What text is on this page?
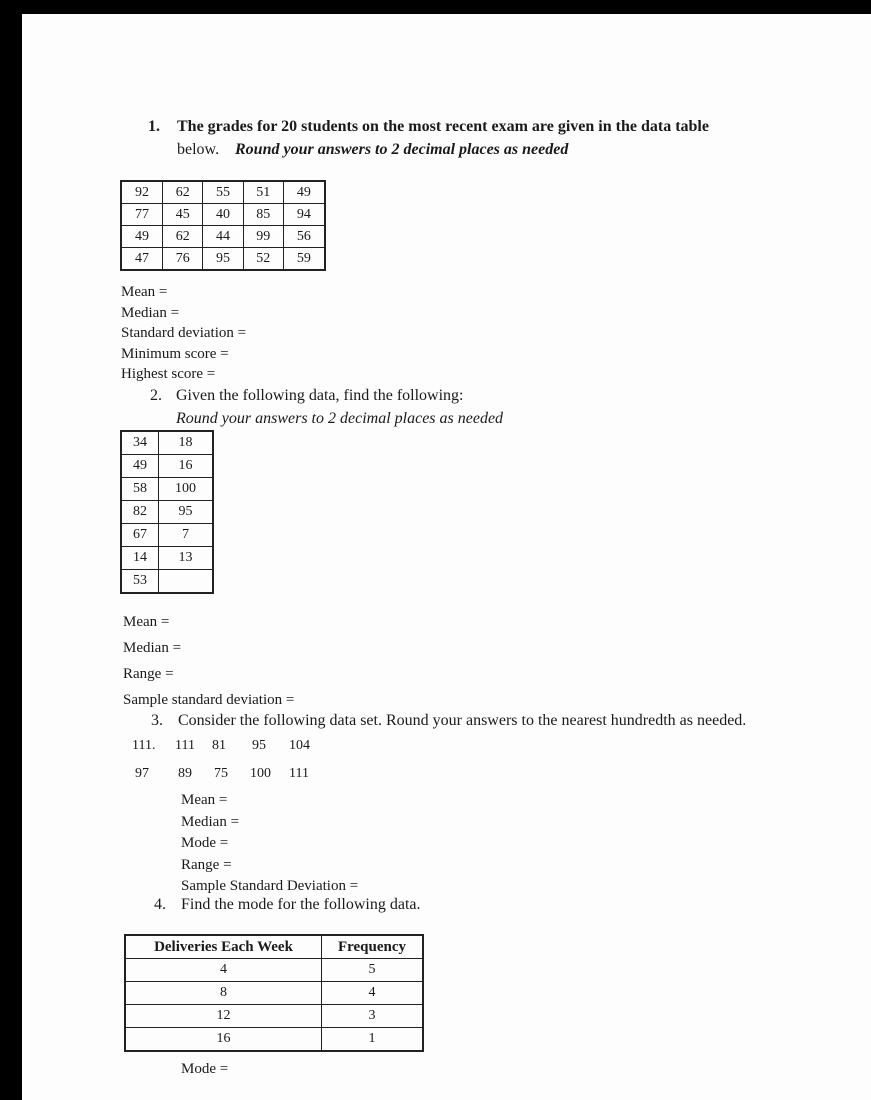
1. The grades for 20 students on the most recent exam are given in the data table
below. Round your answers to 2 decimal places as needed
92	62	55	51	49
77	45	40	85	94
49	62	44	99	56
47	76	95	52	59
Mean =
Median =
Standard deviation =
Minimum score =
Highest score =
2. Given the following data, find the following:
Round your answers to 2 decimal places as needed
34	18
49	16
58	100
82	95
67	7
14	13
53	
Mean =
Median =
Range =
Sample standard deviation =
3. Consider the following data set. Round your answers to the nearest hundredth as needed.
111. 111 81 95 104
97 89 75 100 111
Mean =
Median =
Mode =
Range =
Sample Standard Deviation =
4. Find the mode for the following data.
Deliveries Each Week	Frequency
4	5
8	4
12	3
16	1
Mode =
